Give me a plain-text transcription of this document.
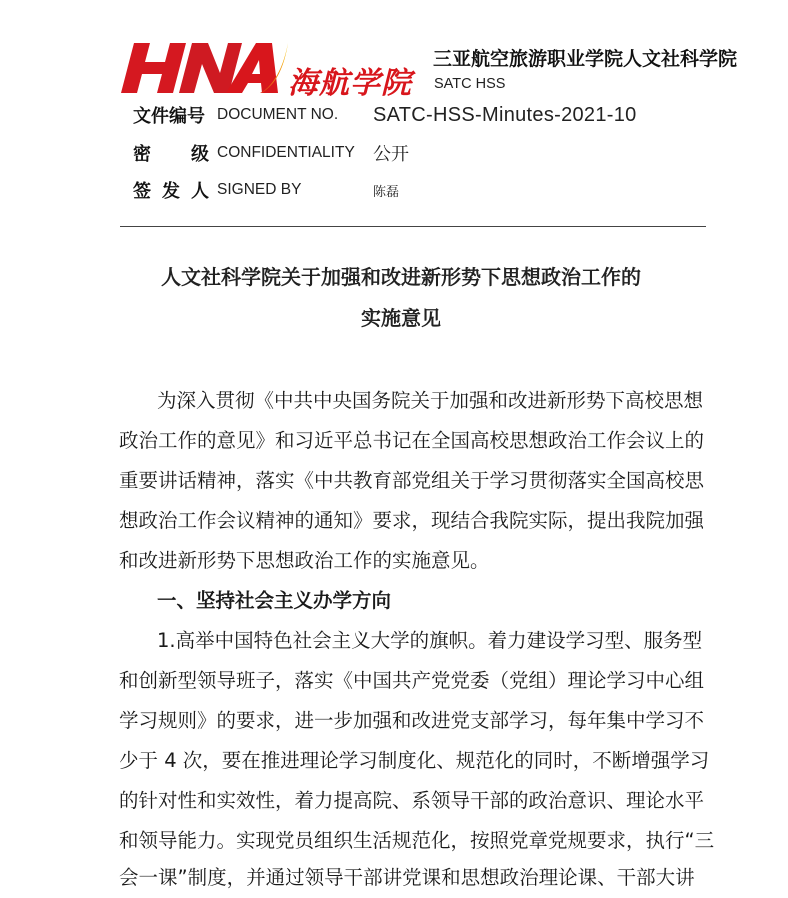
海航学院
三亚航空旅游职业学院人文社科学院
SATC HSS
文件编号 DOCUMENT NO. SATC-HSS-Minutes-2021-10
密 级 CONFIDENTIALITY 公开
签 发 人 SIGNED BY	陈磊
人文社科学院关于加强和改进新形势下思想政治工作的
实施意见
为深入贯彻《中共中央国务院关于加强和改进新形势下高校思想
政治工作的意见》和习近平总书记在全国高校思想政治工作会议上的
重要讲话精神，落实《中共教育部党组关于学习贯彻落实全国高校思
想政治工作会议精神的通知》要求，现结合我院实际，提出我院加强
和改进新形势下思想政治工作的实施意见。
一、坚持社会主义办学方向
1.高举中国特色社会主义大学的旗帜。着力建设学习型、服务型
和创新型领导班子，落实《中国共产党党委（党组）理论学习中心组
学习规则》的要求，进一步加强和改进党支部学习，每年集中学习不
少于 4 次，要在推进理论学习制度化、规范化的同时，不断增强学习
的针对性和实效性，着力提高院、系领导干部的政治意识、理论水平
和领导能力。实现党员组织生活规范化，按照党章党规要求，执行“三
会一课”制度，并通过领导干部讲党课和思想政治理论课、干部大讲
